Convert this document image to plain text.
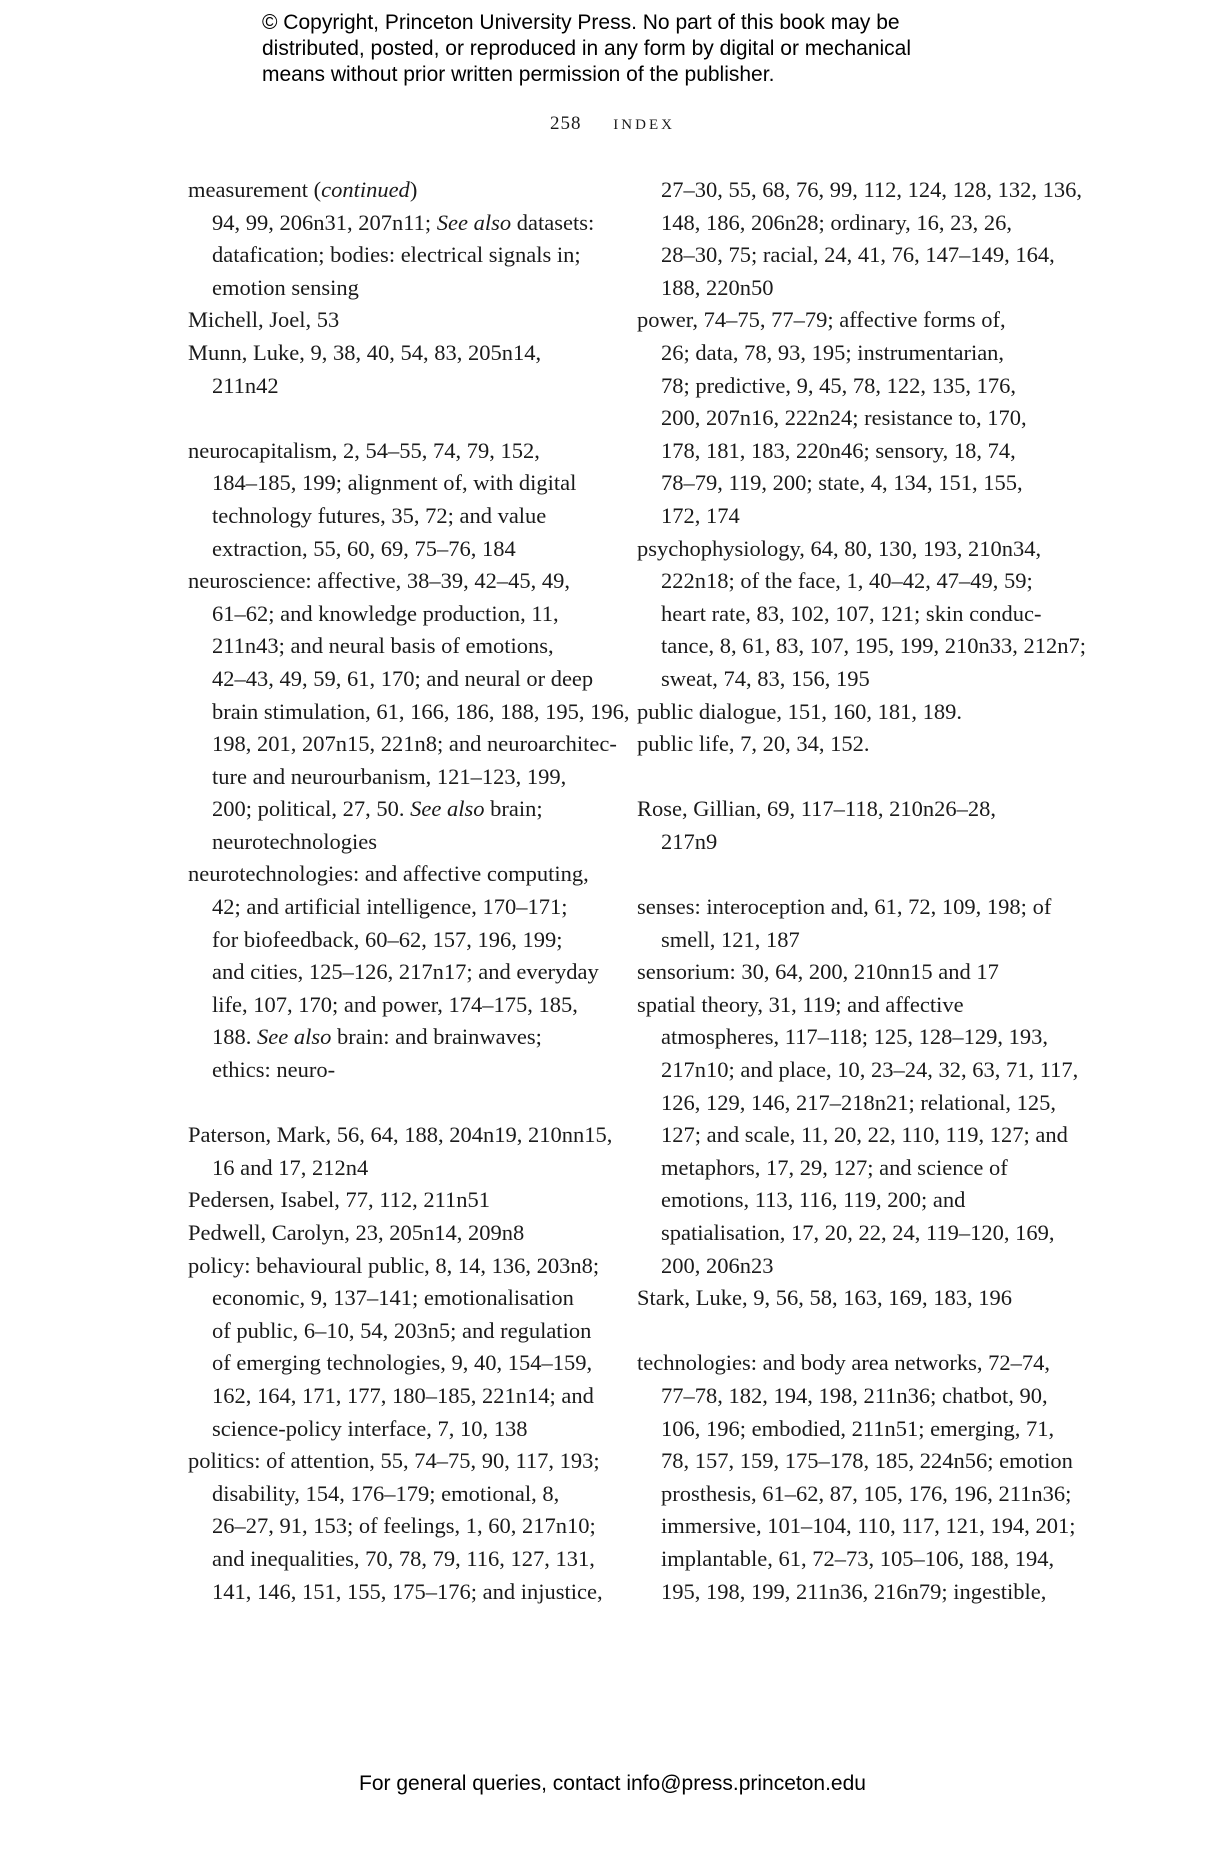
© Copyright, Princeton University Press. No part of this book may be
distributed, posted, or reproduced in any form by digital or mechanical
means without prior written permission of the publisher.
258 index
measurement (continued)
94, 99, 206n31, 207n11; See also datasets:
datafication; bodies: electrical signals in;
emotion sensing
Michell, Joel, 53
Munn, Luke, 9, 38, 40, 54, 83, 205n14,
211n42
neurocapitalism, 2, 54–55, 74, 79, 152,
184–185, 199; alignment of, with digital
technology futures, 35, 72; and value
extraction, 55, 60, 69, 75–76, 184
neuroscience: affective, 38–39, 42–45, 49,
61–62; and knowledge production, 11,
211n43; and neural basis of emotions,
42–43, 49, 59, 61, 170; and neural or deep
brain stimulation, 61, 166, 186, 188, 195, 196,
198, 201, 207n15, 221n8; and neuroarchitec-
ture and neurourbanism, 121–123, 199,
200; political, 27, 50. See also brain;
neurotechnologies
neurotechnologies: and affective computing,
42; and artificial intelligence, 170–171;
for biofeedback, 60–62, 157, 196, 199;
and cities, 125–126, 217n17; and everyday
life, 107, 170; and power, 174–175, 185,
188. See also brain: and brainwaves;
ethics: neuro-
Paterson, Mark, 56, 64, 188, 204n19, 210nn15,
16 and 17, 212n4
Pedersen, Isabel, 77, 112, 211n51
Pedwell, Carolyn, 23, 205n14, 209n8
policy: behavioural public, 8, 14, 136, 203n8;
economic, 9, 137–141; emotionalisation
of public, 6–10, 54, 203n5; and regulation
of emerging technologies, 9, 40, 154–159,
162, 164, 171, 177, 180–185, 221n14; and
science-policy interface, 7, 10, 138
politics: of attention, 55, 74–75, 90, 117, 193;
disability, 154, 176–179; emotional, 8,
26–27, 91, 153; of feelings, 1, 60, 217n10;
and inequalities, 70, 78, 79, 116, 127, 131,
141, 146, 151, 155, 175–176; and injustice,
27–30, 55, 68, 76, 99, 112, 124, 128, 132, 136,
148, 186, 206n28; ordinary, 16, 23, 26,
28–30, 75; racial, 24, 41, 76, 147–149, 164,
188, 220n50
power, 74–75, 77–79; affective forms of,
26; data, 78, 93, 195; instrumentarian,
78; predictive, 9, 45, 78, 122, 135, 176,
200, 207n16, 222n24; resistance to, 170,
178, 181, 183, 220n46; sensory, 18, 74,
78–79, 119, 200; state, 4, 134, 151, 155,
172, 174
psychophysiology, 64, 80, 130, 193, 210n34,
222n18; of the face, 1, 40–42, 47–49, 59;
heart rate, 83, 102, 107, 121; skin conduc-
tance, 8, 61, 83, 107, 195, 199, 210n33, 212n7;
sweat, 74, 83, 156, 195
public dialogue, 151, 160, 181, 189.
public life, 7, 20, 34, 152.
Rose, Gillian, 69, 117–118, 210n26–28,
217n9
senses: interoception and, 61, 72, 109, 198; of
smell, 121, 187
sensorium: 30, 64, 200, 210nn15 and 17
spatial theory, 31, 119; and affective
atmospheres, 117–118; 125, 128–129, 193,
217n10; and place, 10, 23–24, 32, 63, 71, 117,
126, 129, 146, 217–218n21; relational, 125,
127; and scale, 11, 20, 22, 110, 119, 127; and
metaphors, 17, 29, 127; and science of
emotions, 113, 116, 119, 200; and
spatialisation, 17, 20, 22, 24, 119–120, 169,
200, 206n23
Stark, Luke, 9, 56, 58, 163, 169, 183, 196
technologies: and body area networks, 72–74,
77–78, 182, 194, 198, 211n36; chatbot, 90,
106, 196; embodied, 211n51; emerging, 71,
78, 157, 159, 175–178, 185, 224n56; emotion
prosthesis, 61–62, 87, 105, 176, 196, 211n36;
immersive, 101–104, 110, 117, 121, 194, 201;
implantable, 61, 72–73, 105–106, 188, 194,
195, 198, 199, 211n36, 216n79; ingestible,
For general queries, contact info@press.princeton.edu
